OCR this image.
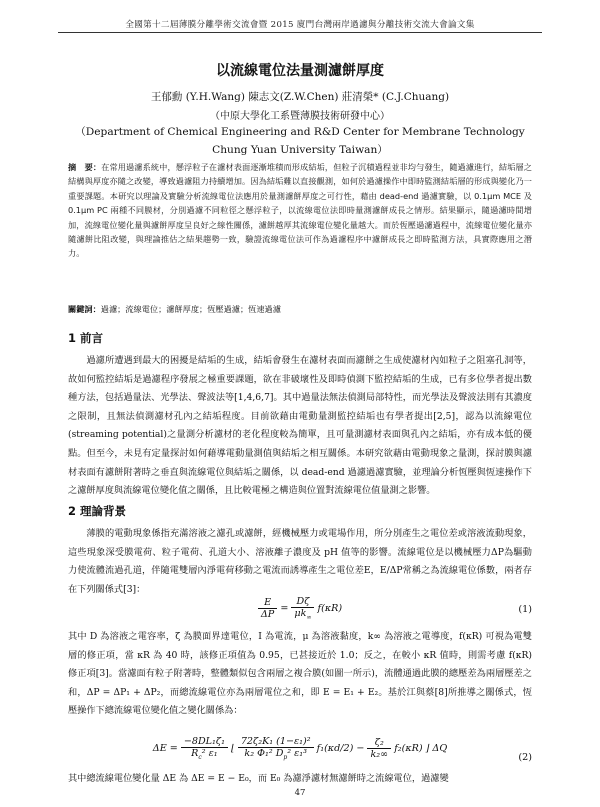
全國第十二屆薄膜分離學術交流會暨 2015 廈門台灣兩岸過濾與分離技術交流大會論文集
以流線電位法量測濾餅厚度
王郁勳 (Y.H.Wang) 陳志文(Z.W.Chen) 莊清榮* (C.J.Chuang)
（中原大學化工系暨薄膜技術研發中心）
（Department of Chemical Engineering and R&D Center for Membrane Technology
Chung Yuan University Taiwan）
摘　要：在常用過濾系統中，懸浮粒子在濾材表面逐漸堆積而形成結垢，但粒子沉積過程並非均勻發生，隨過濾進行，結垢層之結構與厚度亦隨之改變，導致過濾阻力持續增加。因為結垢難以直接觀測，如何於過濾操作中即時監測結垢層的形成與變化乃一重要課題。本研究以理論及實驗分析流線電位法應用於量測濾餅厚度之可行性，藉由 dead-end 過濾實驗，以 0.1μm MCE 及 0.1μm PC 兩種不同膜材，分別過濾不同粒徑之懸浮粒子，以流線電位法即時量測濾餅成長之情形。結果顯示，隨過濾時間增加，流線電位變化量與濾餅厚度呈良好之線性關係，濾餅越厚其流線電位變化量越大。而於恆壓過濾過程中，流線電位變化量亦隨濾餅比阻改變，與理論推估之結果趨勢一致，驗證流線電位法可作為過濾程序中濾餅成長之即時監測方法，具實際應用之潛力。
關鍵詞：過濾；流線電位；濾餅厚度；恆壓過濾；恆速過濾
1 前言
過濾所遭遇到最大的困擾是結垢的生成，結垢會發生在濾材表面而濾餅之生成使濾材內如粒子之阻塞孔洞等，故如何監控結垢是過濾程序發展之極重要課題，欲在非破壞性及即時偵測下監控結垢的生成，已有多位學者提出數種方法，包括過量法、光學法、聲波法等[1,4,6,7]。其中過量法無法偵測局部特性，而光學法及聲波法則有其濃度之限制，且無法偵測濾材孔內之結垢程度。目前欲藉由電動量測監控結垢也有學者提出[2,5]，認為以流線電位(streaming potential)之量測分析濾材的老化程度較為簡單，且可量測濾材表面與孔內之結垢，亦有成本低的優點。但至今，未見有定量探討如何藉導電動量測值與結垢之相互關係。本研究欲藉由電動現象之量測，探討膜與濾材表面有濾餅附著時之垂直與流線電位與結垢之關係，以 dead-end 過濾過濾實驗，並理論分析恆壓與恆速操作下之濾餅厚度與流線電位變化值之關係，且比較電極之構造與位置對流線電位值量測之影響。
2 理論背景
薄膜的電動現象係指充滿溶液之濾孔或濾餅，經機械壓力或電場作用，所分別產生之電位差或溶液流動現象，這些現象深受膜電荷、粒子電荷、孔道大小、溶液離子濃度及 pH 值等的影響。流線電位是以機械壓力ΔP為驅動力使流體流過孔道，伴隨電雙層內淨電荷移動之電流而誘導產生之電位差E，E/ΔP常稱之為流線電位係數，兩者存在下列關係式[3]：
$\frac{E}{\Delta P} = \frac{D\zeta}{\mu k_\infty} f(\kappa R)$	(1)
其中 D 為溶液之電容率，ζ 為膜面界達電位，I 為電流，μ 為溶液黏度，k∞ 為溶液之電導度，f(κR) 可視為電雙層的修正項，當 κR 為 40 時，該修正項值為 0.95，已甚接近於 1.0；反之，在較小 κR 值時，則需考慮 f(κR) 修正項[3]。當濾面有粒子附著時，整體類似包含兩層之複合膜(如圖一所示)，流體通過此膜的總壓差為兩層壓差之和，ΔP = ΔP₁ + ΔP₂，而總流線電位亦為兩層電位之和，即 E = E₁ + E₂。基於江與蔡[8]所推導之關係式，恆壓操作下總流線電位變化值之變化關係為：
$\Delta E = \frac{\text{−8DL₁ζ₁}}{R_c^2 \varepsilon_1}$ ⌊ $\frac{\text{72ζ₂K₁ (1−ε₁)²}}{k_2 \Phi_1^2 D_p^2 \varepsilon_1^3} f_1(\kappa d/2) - \frac{\text{ζ₂}}{\text{k₂∞}} f_2(\kappa R)$ ⌋ ΔQ
(2)
其中總流線電位變化量 ΔE 為 ΔE = E − E₀，而 E₀ 為濾淨濾材無濾餅時之流線電位，過濾變
47
